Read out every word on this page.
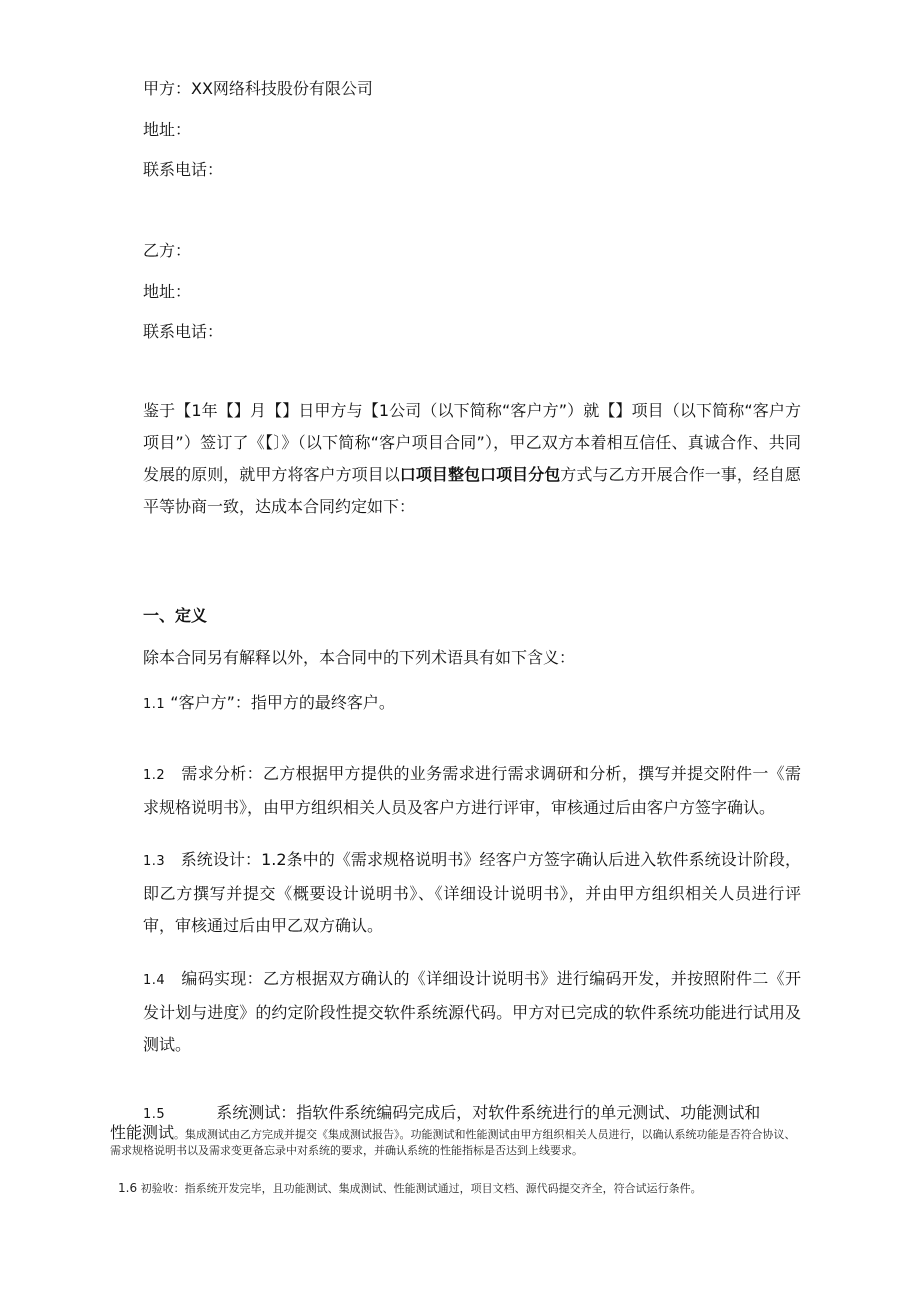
甲方：XX网络科技股份有限公司
地址：
联系电话：
乙方：
地址：
联系电话：
鉴于【1年【】月【】日甲方与【1公司（以下简称“客户方”）就【】项目（以下简称“客户方项目”）签订了《【〕》（以下简称“客户项目合同”），甲乙双方本着相互信任、真诚合作、共同发展的原则，就甲方将客户方项目以口项目整包口项目分包方式与乙方开展合作一事，经自愿平等协商一致，达成本合同约定如下：
一、定义
除本合同另有解释以外，本合同中的下列术语具有如下含义：
1.1 “客户方”：指甲方的最终客户。
1.2 需求分析：乙方根据甲方提供的业务需求进行需求调研和分析，撰写并提交附件一《需求规格说明书》，由甲方组织相关人员及客户方进行评审，审核通过后由客户方签字确认。
1.3 系统设计：1.2条中的《需求规格说明书》经客户方签字确认后进入软件系统设计阶段，即乙方撰写并提交《概要设计说明书》、《详细设计说明书》，并由甲方组织相关人员进行评审，审核通过后由甲乙双方确认。
1.4 编码实现：乙方根据双方确认的《详细设计说明书》进行编码开发，并按照附件二《开发计划与进度》的约定阶段性提交软件系统源代码。甲方对已完成的软件系统功能进行试用及测试。
1.5	系统测试：指软件系统编码完成后，对软件系统进行的单元测试、功能测试和
性能测试。集成测试由乙方完成并提交《集成测试报告》。功能测试和性能测试由甲方组织相关人员进行，以确认系统功能是否符合协议、需求规格说明书以及需求变更备忘录中对系统的要求，并确认系统的性能指标是否达到上线要求。
1.6 初验收：指系统开发完毕，且功能测试、集成测试、性能测试通过，项目文档、源代码提交齐全，符合试运行条件。
